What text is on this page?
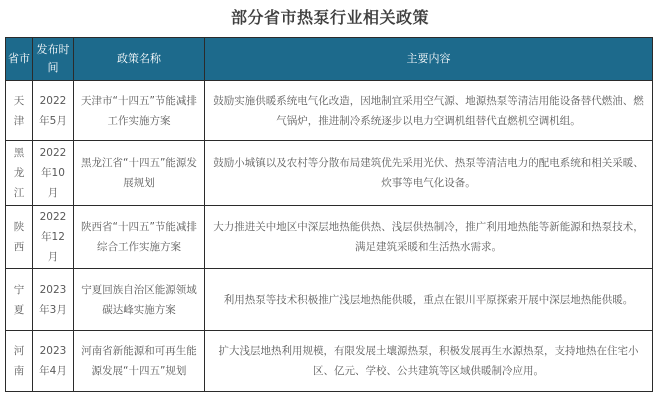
部分省市热泵行业相关政策
省市	发布时间	政策名称	主要内容
天津	2022年5月	天津市“十四五”节能减排工作实施方案	鼓励实施供暖系统电气化改造，因地制宜采用空气源、地源热泵等清洁用能设备替代燃油、燃气锅炉，推进制冷系统逐步以电力空调机组替代直燃机空调机组。
黑龙江	2022年10月	黑龙江省“十四五”能源发展规划	鼓励小城镇以及农村等分散布局建筑优先采用光伏、热泵等清洁电力的配电系统和相关采暖、炊事等电气化设备。
陕西	2022年12月	陕西省“十四五”节能减排综合工作实施方案	大力推进关中地区中深层地热能供热、浅层供热制冷，推广利用地热能等新能源和热泵技术，满足建筑采暖和生活热水需求。
宁夏	2023年3月	宁夏回族自治区能源领域碳达峰实施方案	利用热泵等技术积极推广浅层地热能供暖，重点在银川平原探索开展中深层地热能供暖。
河南	2023年4月	河南省新能源和可再生能源发展“十四五”规划	扩大浅层地热利用规模，有限发展土壤源热泵，积极发展再生水源热泵，支持地热在住宅小区、亿元、学校、公共建筑等区域供暖制冷应用。
